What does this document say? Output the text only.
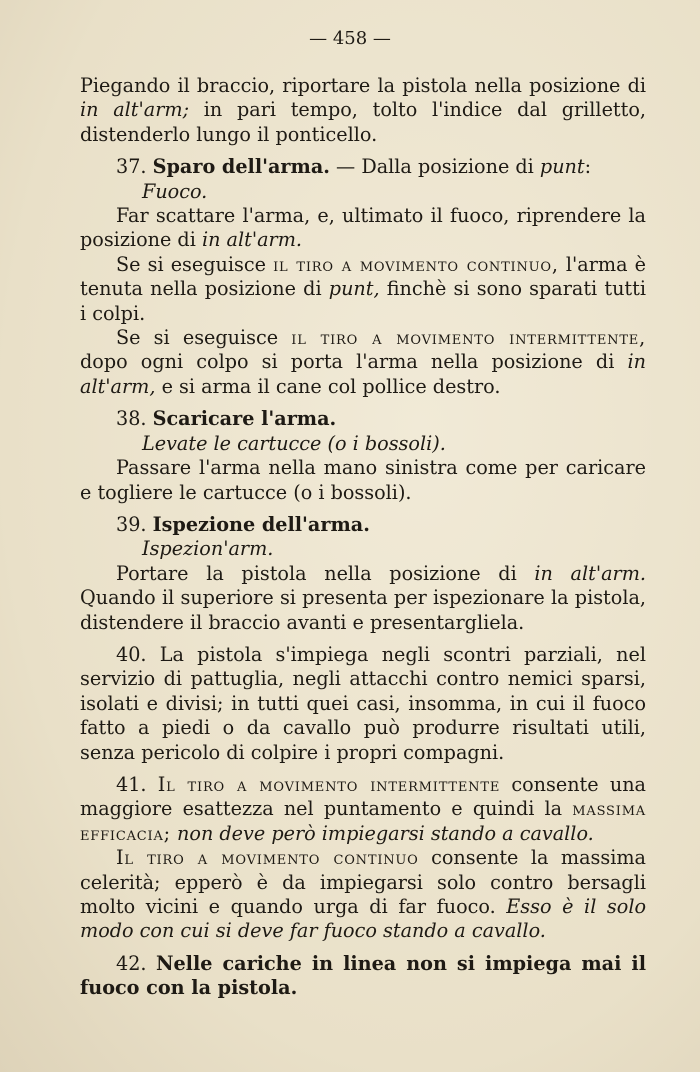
— 458 —

Piegando il braccio, riportare la pistola nella posizione di in alt'arm; in pari tempo, tolto l'indice dal grilletto, distenderlo lungo il ponticello.

37. Sparo dell'arma. — Dalla posizione di punt:

Fuoco.

Far scattare l'arma, e, ultimato il fuoco, riprendere la posizione di in alt'arm.

Se si eseguisce il tiro a movimento continuo, l'arma è tenuta nella posizione di punt, finchè si sono sparati tutti i colpi.

Se si eseguisce il tiro a movimento intermittente, dopo ogni colpo si porta l'arma nella posizione di in alt'arm, e si arma il cane col pollice destro.

38. Scaricare l'arma.

Levate le cartucce (o i bossoli).

Passare l'arma nella mano sinistra come per caricare e togliere le cartucce (o i bossoli).

39. Ispezione dell'arma.

Ispezion'arm.

Portare la pistola nella posizione di in alt'arm. Quando il superiore si presenta per ispezionare la pistola, distendere il braccio avanti e presentargliela.

40. La pistola s'impiega negli scontri parziali, nel servizio di pattuglia, negli attacchi contro nemici sparsi, isolati e divisi; in tutti quei casi, insomma, in cui il fuoco fatto a piedi o da cavallo può produrre risultati utili, senza pericolo di colpire i propri compagni.

41. Il tiro a movimento intermittente consente una maggiore esattezza nel puntamento e quindi la massima efficacia; non deve però impiegarsi stando a cavallo.

Il tiro a movimento continuo consente la massima celerità; epperò è da impiegarsi solo contro bersagli molto vicini e quando urga di far fuoco. Esso è il solo modo con cui si deve far fuoco stando a cavallo.

42. Nelle cariche in linea non si impiega mai il fuoco con la pistola.
